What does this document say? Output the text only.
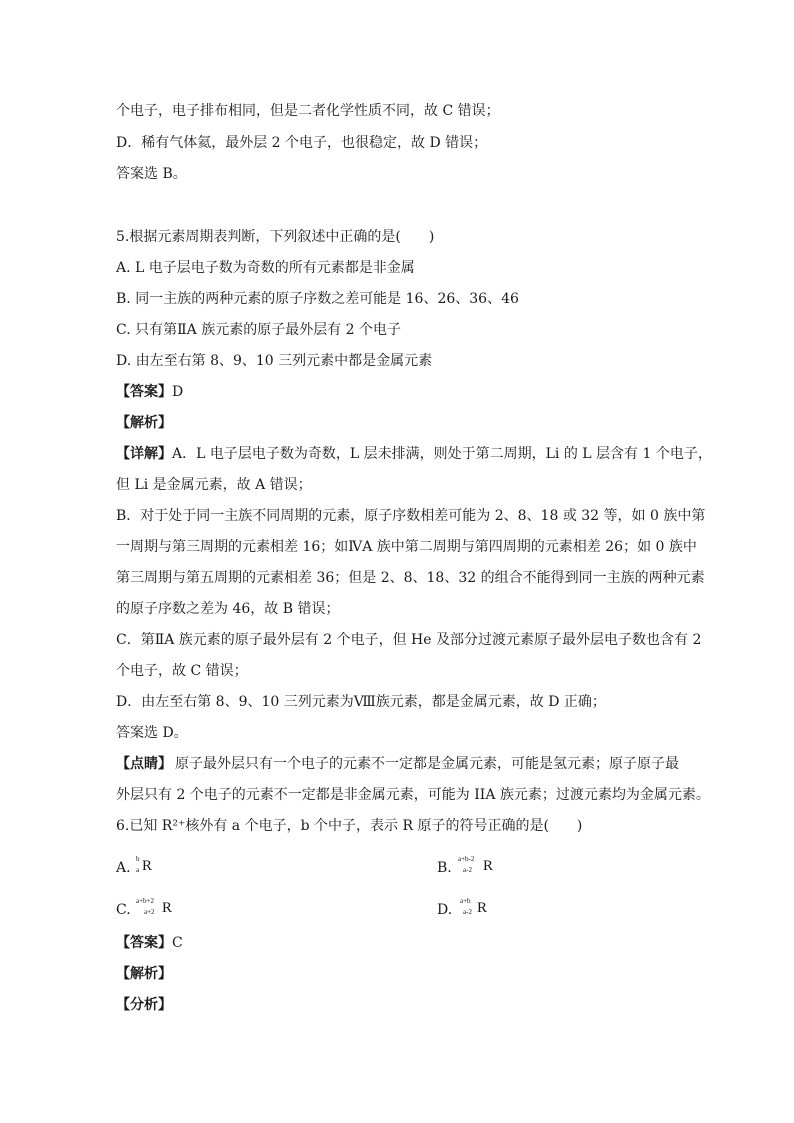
个电子，电子排布相同，但是二者化学性质不同，故 C 错误；
D．稀有气体氦，最外层 2 个电子，也很稳定，故 D 错误；
答案选 B。
5.根据元素周期表判断，下列叙述中正确的是(　　)
A. L 电子层电子数为奇数的所有元素都是非金属
B. 同一主族的两种元素的原子序数之差可能是 16、26、36、46
C. 只有第ⅡA 族元素的原子最外层有 2 个电子
D. 由左至右第 8、9、10 三列元素中都是金属元素
【答案】D
【解析】
【详解】 A．L 电子层电子数为奇数，L 层未排满，则处于第二周期，Li 的 L 层含有 1 个电子，
但 Li 是金属元素，故 A 错误；
B．对于处于同一主族不同周期的元素，原子序数相差可能为 2、8、18 或 32 等，如 0 族中第
一周期与第三周期的元素相差 16；如ⅣA 族中第二周期与第四周期的元素相差 26；如 0 族中
第三周期与第五周期的元素相差 36；但是 2、8、18、32 的组合不能得到同一主族的两种元素
的原子序数之差为 46，故 B 错误；
C．第ⅡA 族元素的原子最外层有 2 个电子，但 He 及部分过渡元素原子最外层电子数也含有 2
个电子，故 C 错误；
D．由左至右第 8、9、10 三列元素为Ⅷ族元素，都是金属元素，故 D 正确；
答案选 D。
【点睛】 原子最外层只有一个电子的元素不一定都是金属元素，可能是氢元素；原子原子最
外层只有 2 个电子的元素不一定都是非金属元素，可能为 IIA 族元素；过渡元素均为金属元素。
6.已知 R²⁺核外有 a 个电子，b 个中子，表示 R 原子的符号正确的是(　　)
A.
b
a R	B.
a+b-2
a-2 R
C.
a+b+2
a+2 R	D.
a+b
a-2 R
【答案】C
【解析】
【分析】
